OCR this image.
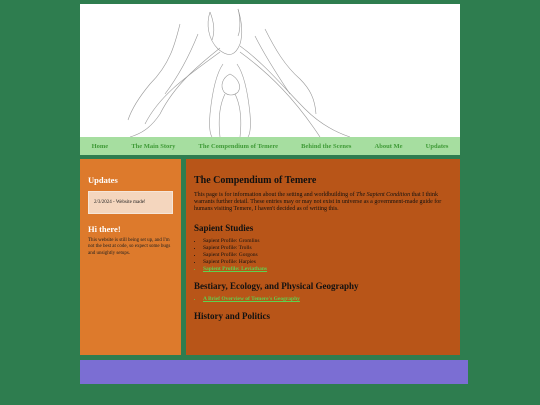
Home	The Main Story	The Compendium of Temere	Behind the Scenes	About Me	Updates
Updates
2/3/2024 - Website made!
Hi there!

This website is still being set up, and I'm not the best at code, so expect some bugs and unsightly setups.

The Compendium of Temere

This page is for information about the setting and worldbuilding of The Sapient Condition that I think warrants further detail. These entries may or may not exist in universe as a government-made guide for humans visiting Temere, I haven't decided as of writing this.

Sapient Studies
• Sapient Profile: Gromlins
• Sapient Profile: Trolls
• Sapient Profile: Gorgons
• Sapient Profile: Harpies
• Sapient Profile: Leviathans
Bestiary, Ecology, and Physical Geography
• A Brief Overview of Temere's Geography
History and Politics
